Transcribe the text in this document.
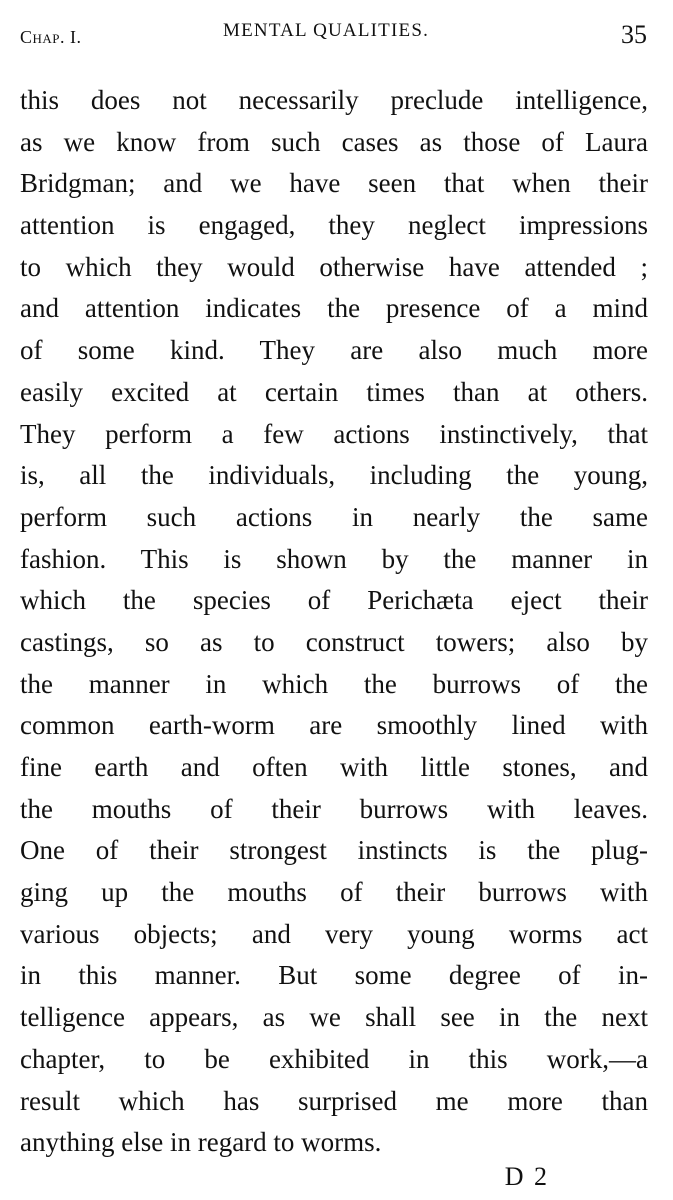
Chap. I.	MENTAL QUALITIES.	35
this does not necessarily preclude intelligence,
as we know from such cases as those of Laura
Bridgman; and we have seen that when their
attention is engaged, they neglect impressions
to which they would otherwise have attended ;
and attention indicates the presence of a mind
of some kind. They are also much more
easily excited at certain times than at others.
They perform a few actions instinctively, that
is, all the individuals, including the young,
perform such actions in nearly the same
fashion. This is shown by the manner in
which the species of Perichæta eject their
castings, so as to construct towers; also by
the manner in which the burrows of the
common earth-worm are smoothly lined with
fine earth and often with little stones, and
the mouths of their burrows with leaves.
One of their strongest instincts is the plug-
ging up the mouths of their burrows with
various objects; and very young worms act
in this manner. But some degree of in-
telligence appears, as we shall see in the next
chapter, to be exhibited in this work,—a
result which has surprised me more than
anything else in regard to worms.
D 2
